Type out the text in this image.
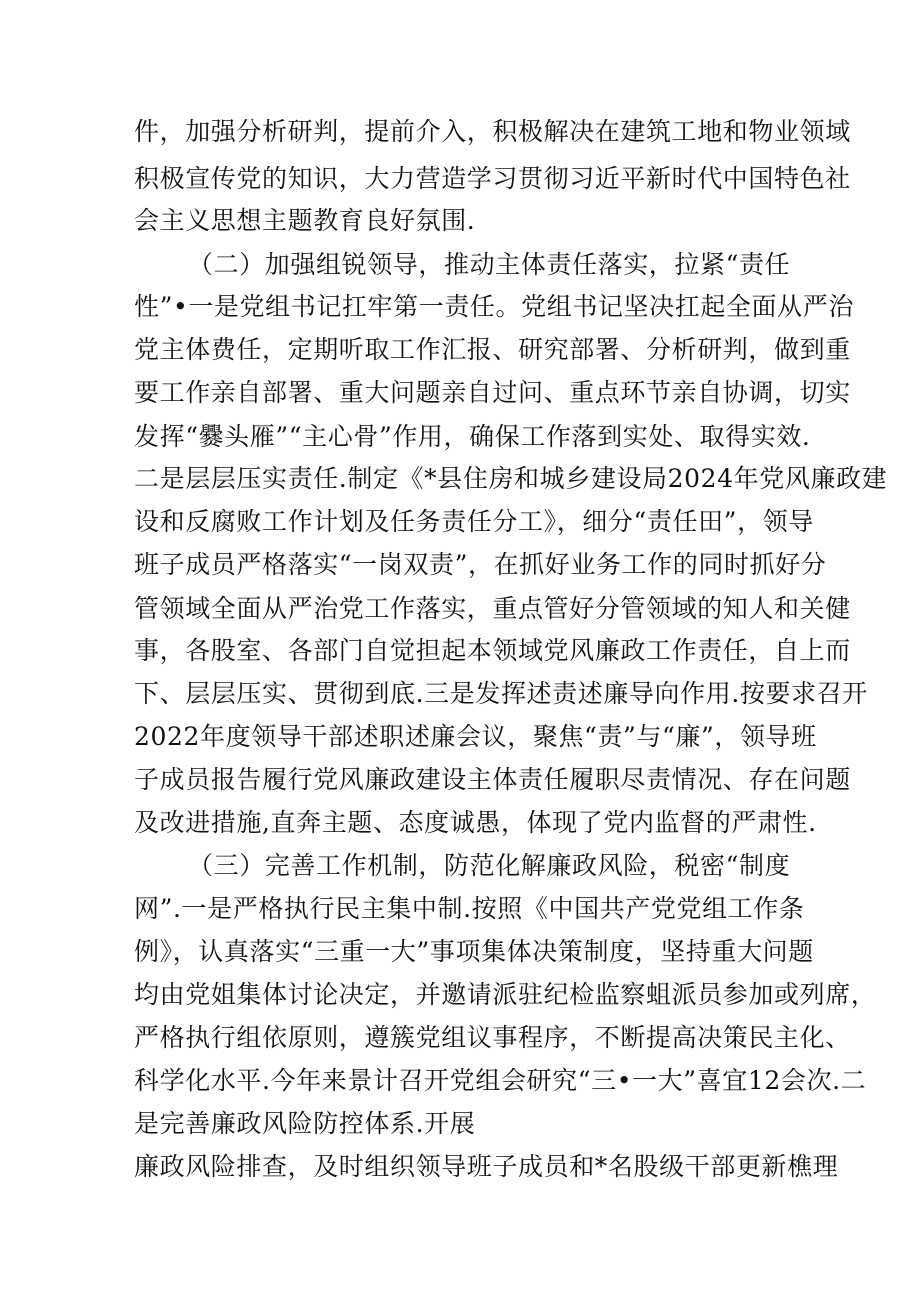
件，加强分析研判，提前介入，积极解决在建筑工地和物业领域
积极宣传党的知识，大力营造学习贯彻习近平新时代中国特色社
会主义思想主题教育良好氛围.
（二）加强组锐领导，推动主体责任落实，拉紧“责任
性”•一是党组书记扛牢第一责任。党组书记坚决扛起全面从严治
党主体费任，定期听取工作汇报、研究部署、分析研判，做到重
要工作亲自部署、重大问题亲自过问、重点环节亲自协调，切实
发挥“爨头雁”“主心骨”作用，确保工作落到实处、取得实效.
二是层层压实责任.制定《*县住房和城乡建设局2024年党风廉政建
设和反腐败工作计划及任务责任分工》，细分“责任田”，领导
班子成员严格落实“一岗双责”，在抓好业务工作的同时抓好分
管领域全面从严治党工作落实，重点管好分管领域的知人和关健
事，各股室、各部门自觉担起本领域党风廉政工作责任，自上而
下、层层压实、贯彻到底.三是发挥述责述廉导向作用.按要求召开
2022年度领导干部述职述廉会议，聚焦“责”与“廉”，领导班
子成员报告履行党风廉政建设主体责任履职尽责情况、存在问题
及改进措施,直奔主题、态度诚愚，体现了党内监督的严肃性.
（三）完善工作机制，防范化解廉政风险，税密“制度
网”.一是严格执行民主集中制.按照《中国共产党党组工作条
例》，认真落实“三重一大”事项集体决策制度，坚持重大问题
均由党姐集体讨论决定，并邀请派驻纪检监察蛆派员参加或列席，
严格执行组依原则，遵簇党组议事程序，不断提高决策民主化、
科学化水平.今年来景计召开党组会研究“三•一大”喜宜12会次.二
是完善廉政风险防控体系.开展
廉政风险排查，及时组织领导班子成员和*名股级干部更新樵理
